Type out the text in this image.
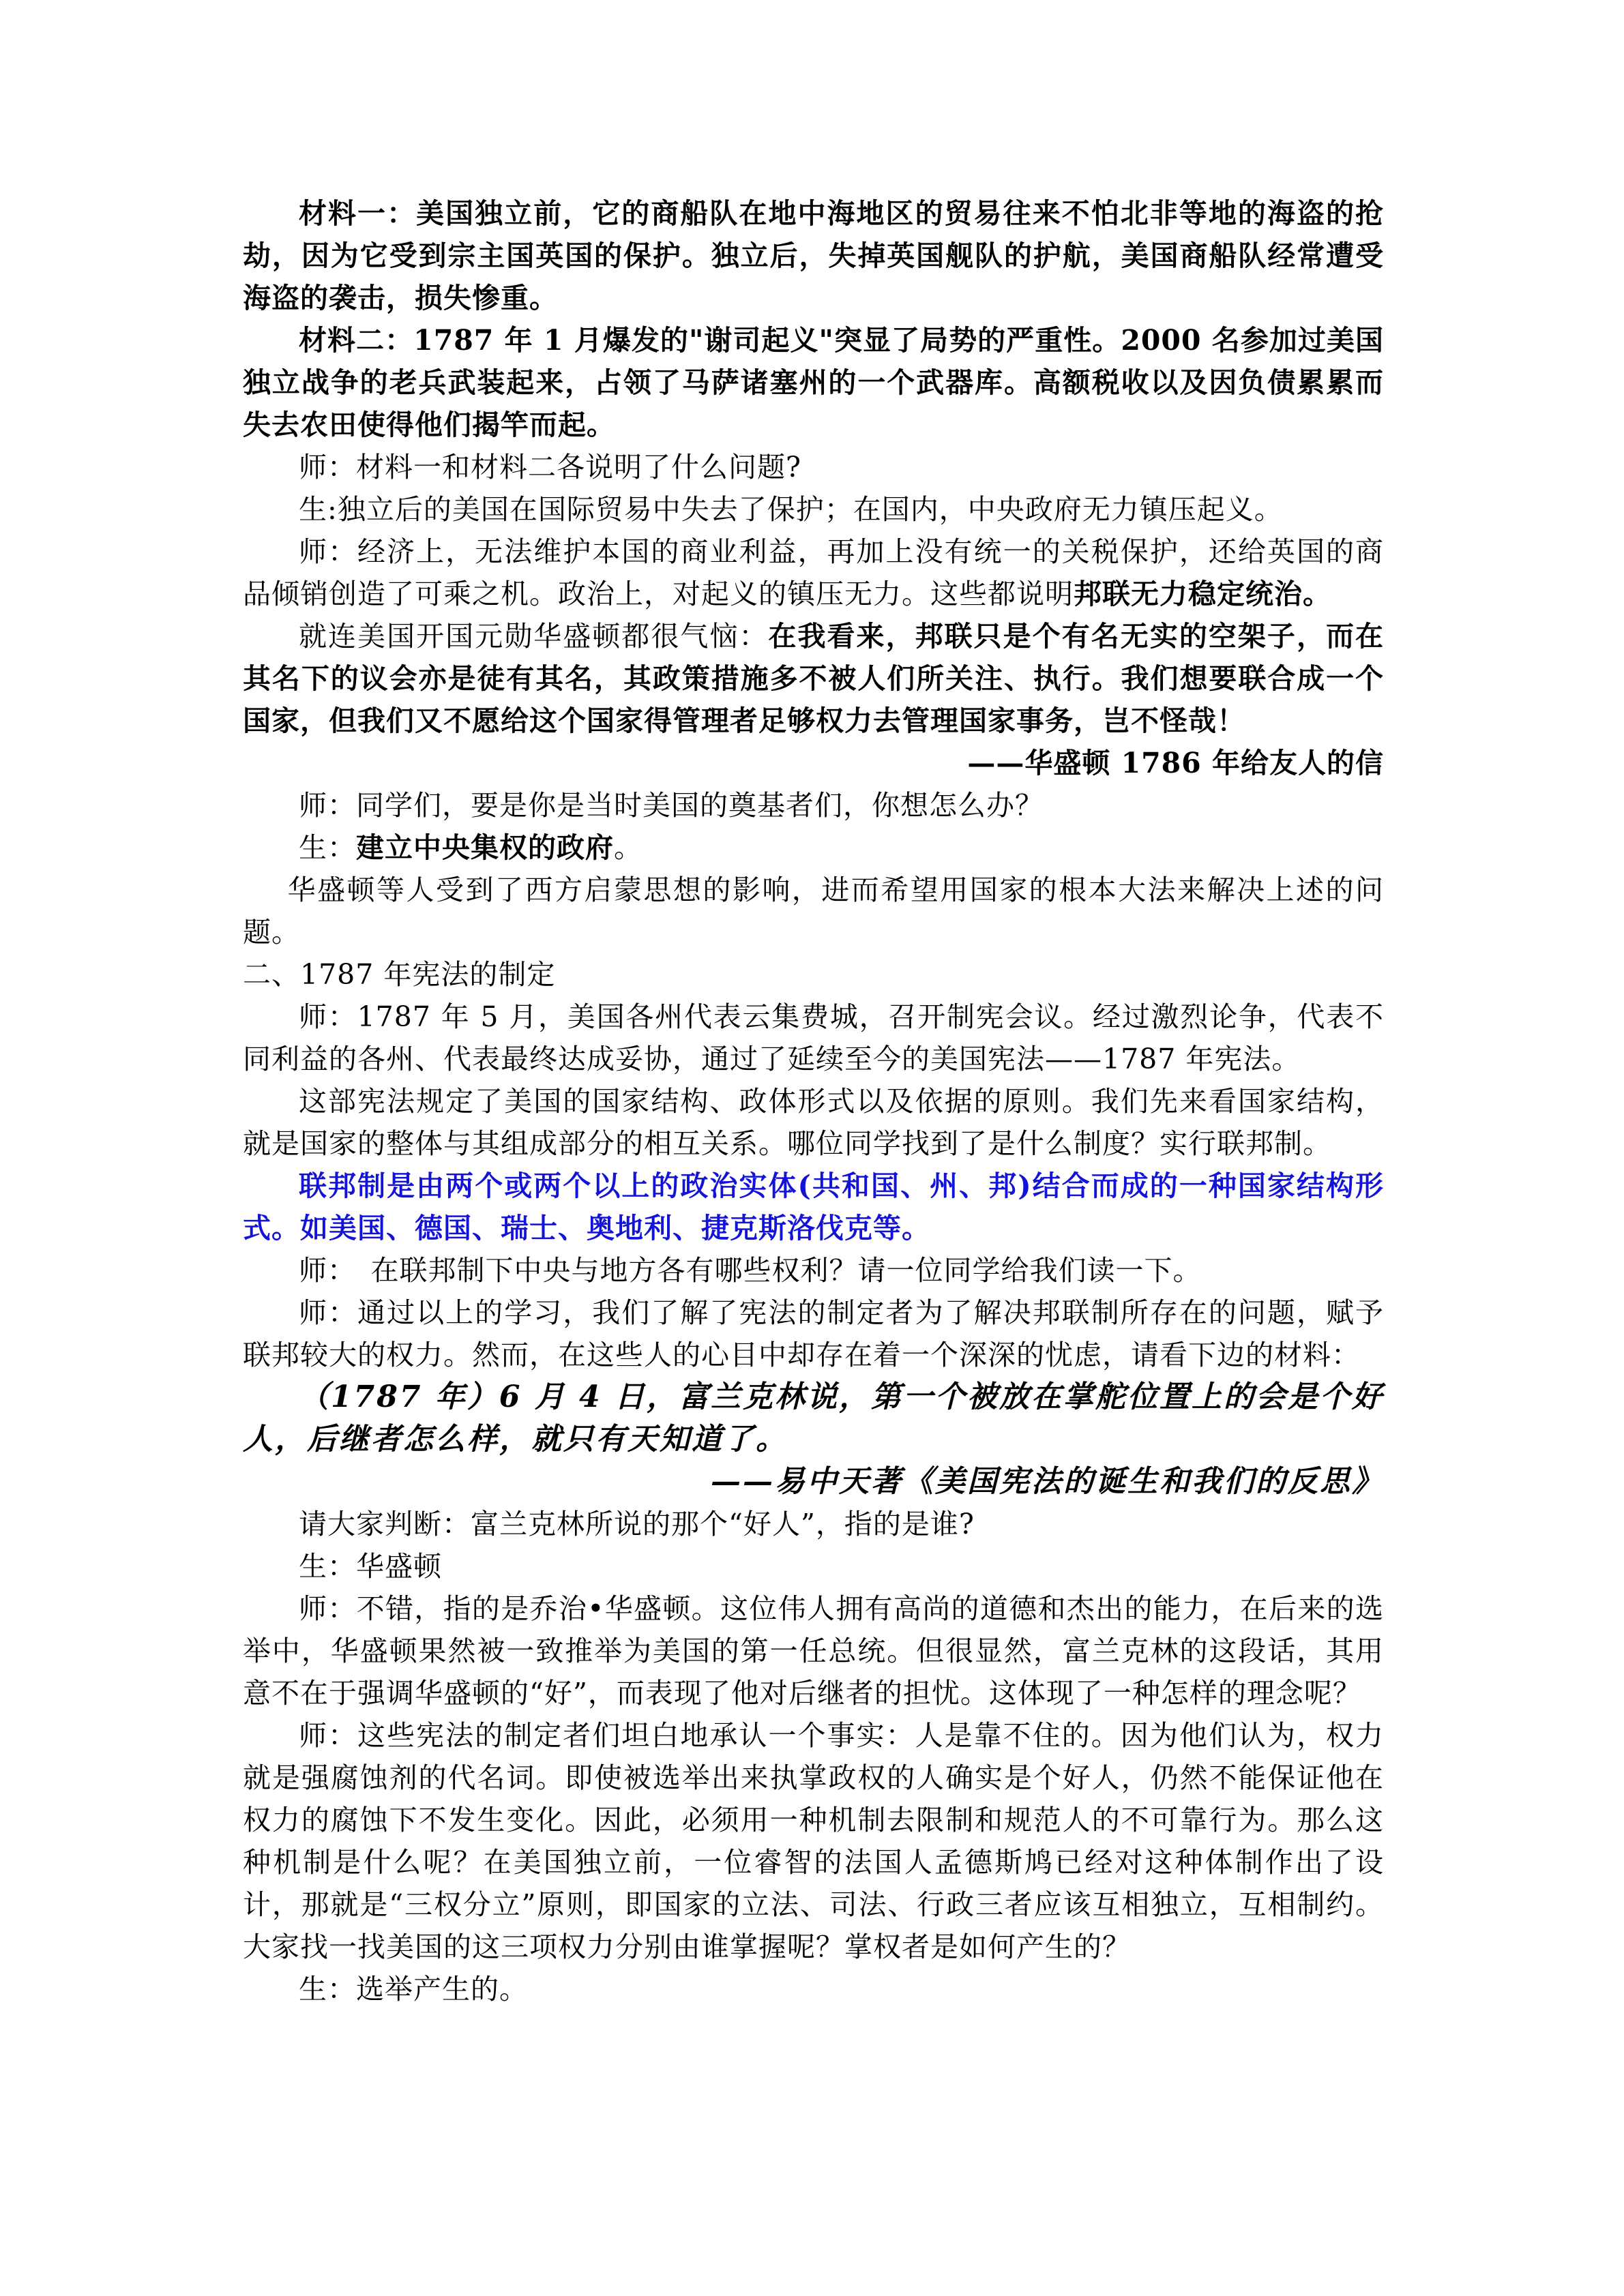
材料一：美国独立前，它的商船队在地中海地区的贸易往来不怕北非等地的海盗的抢劫，因为它受到宗主国英国的保护。独立后，失掉英国舰队的护航，美国商船队经常遭受海盗的袭击，损失惨重。

材料二：1787 年 1 月爆发的"谢司起义"突显了局势的严重性。2000 名参加过美国独立战争的老兵武装起来，占领了马萨诸塞州的一个武器库。高额税收以及因负债累累而失去农田使得他们揭竿而起。

师：材料一和材料二各说明了什么问题?

生:独立后的美国在国际贸易中失去了保护；在国内，中央政府无力镇压起义。

师：经济上，无法维护本国的商业利益，再加上没有统一的关税保护，还给英国的商品倾销创造了可乘之机。政治上，对起义的镇压无力。这些都说明邦联无力稳定统治。

就连美国开国元勋华盛顿都很气恼：在我看来，邦联只是个有名无实的空架子，而在其名下的议会亦是徒有其名，其政策措施多不被人们所关注、执行。我们想要联合成一个国家，但我们又不愿给这个国家得管理者足够权力去管理国家事务，岂不怪哉！

——华盛顿 1786 年给友人的信

师：同学们，要是你是当时美国的奠基者们，你想怎么办？

生：建立中央集权的政府。

华盛顿等人受到了西方启蒙思想的影响，进而希望用国家的根本大法来解决上述的问题。

二、1787 年宪法的制定

师：1787 年 5 月，美国各州代表云集费城，召开制宪会议。经过激烈论争，代表不同利益的各州、代表最终达成妥协，通过了延续至今的美国宪法——1787 年宪法。

这部宪法规定了美国的国家结构、政体形式以及依据的原则。我们先来看国家结构，就是国家的整体与其组成部分的相互关系。哪位同学找到了是什么制度？实行联邦制。

联邦制是由两个或两个以上的政治实体(共和国、州、邦)结合而成的一种国家结构形式。如美国、德国、瑞士、奥地利、捷克斯洛伐克等。

师：　在联邦制下中央与地方各有哪些权利？请一位同学给我们读一下。

师：通过以上的学习，我们了解了宪法的制定者为了解决邦联制所存在的问题，赋予联邦较大的权力。然而，在这些人的心目中却存在着一个深深的忧虑，请看下边的材料：

（1787 年）6 月 4 日，富兰克林说，第一个被放在掌舵位置上的会是个好人，后继者怎么样，就只有天知道了。

——易中天著《美国宪法的诞生和我们的反思》

请大家判断：富兰克林所说的那个“好人”，指的是谁?

生：华盛顿

师：不错，指的是乔治•华盛顿。这位伟人拥有高尚的道德和杰出的能力，在后来的选举中，华盛顿果然被一致推举为美国的第一任总统。但很显然，富兰克林的这段话，其用意不在于强调华盛顿的“好”，而表现了他对后继者的担忧。这体现了一种怎样的理念呢？

师：这些宪法的制定者们坦白地承认一个事实：人是靠不住的。因为他们认为，权力就是强腐蚀剂的代名词。即使被选举出来执掌政权的人确实是个好人，仍然不能保证他在权力的腐蚀下不发生变化。因此，必须用一种机制去限制和规范人的不可靠行为。那么这种机制是什么呢？在美国独立前，一位睿智的法国人孟德斯鸠已经对这种体制作出了设计，那就是“三权分立”原则，即国家的立法、司法、行政三者应该互相独立，互相制约。大家找一找美国的这三项权力分别由谁掌握呢？掌权者是如何产生的？

生：选举产生的。
